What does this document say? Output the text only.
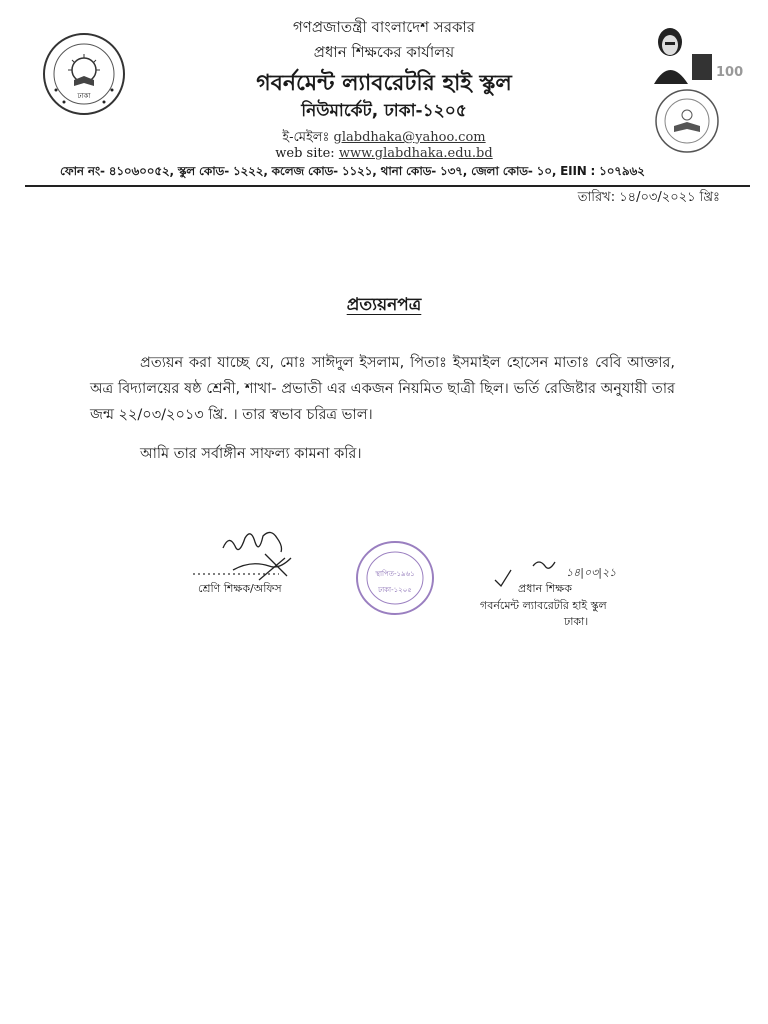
গণপ্রজাতন্ত্রী বাংলাদেশ সরকার
প্রধান শিক্ষকের কার্যালয়
গবর্নমেন্ট ল্যাবরেটরি হাই স্কুল
নিউমার্কেট, ঢাকা-১২০৫
ই-মেইলঃ glabdhaka@yahoo.com
web site: www.glabdhaka.edu.bd
ফোন নং- ৪১০৬০০৫২, স্কুল কোড- ১২২২, কলেজ কোড- ১১২১, থানা কোড- ১৩৭, জেলা কোড- ১০, EIIN : ১০৭৯৬২
তারিখ: ১৪/০৩/২০২১ খ্রিঃ
ঢাকা
100
প্রত্যয়নপত্র
প্রত্যয়ন করা যাচ্ছে যে, মোঃ সাঈদুল ইসলাম, পিতাঃ ইসমাইল হোসেন মাতাঃ বেবি আক্তার, অত্র বিদ্যালয়ের ষষ্ঠ শ্রেনী, শাখা- প্রভাতী এর একজন নিয়মিত ছাত্রী ছিল। ভর্তি রেজিষ্টার অনুযায়ী তার জন্ম ২২/০৩/২০১৩ খ্রি. । তার স্বভাব চরিত্র ভাল।
আমি তার সর্বাঙ্গীন সাফল্য কামনা করি।
শ্রেণি শিক্ষক/অফিস
স্থাপিত-১৯৬১
ঢাকা-১২০৫
১৪|০৩|২১
প্রধান শিক্ষক
গবর্নমেন্ট ল্যাবরেটরি হাই স্কুল
ঢাকা।
